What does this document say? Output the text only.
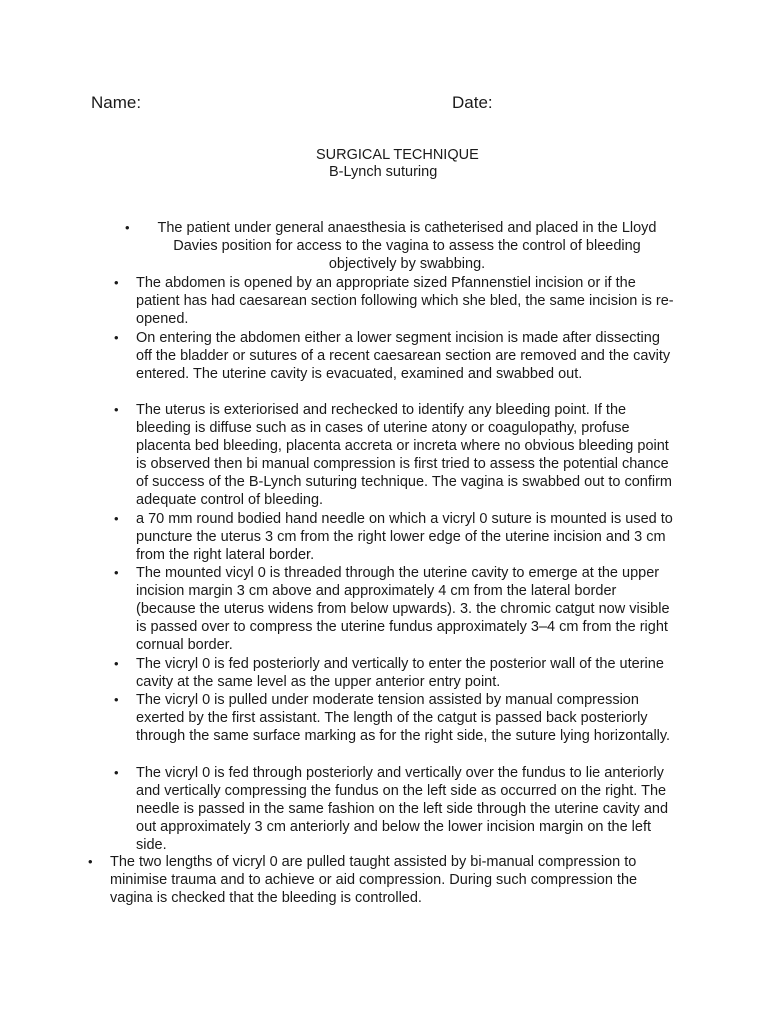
Name:	Date:
SURGICAL TECHNIQUE
B-Lynch suturing
•	The patient under general anaesthesia is catheterised and placed in the Lloyd Davies position for access to the vagina to assess the control of bleeding objectively by swabbing.

• The abdomen is opened by an appropriate sized Pfannenstiel incision or if the patient has had caesarean section following which she bled, the same incision is re-opened.

• On entering the abdomen either a lower segment incision is made after dissecting off the bladder or sutures of a recent caesarean section are removed and the cavity entered. The uterine cavity is evacuated, examined and swabbed out.

• The uterus is exteriorised and rechecked to identify any bleeding point. If the bleeding is diffuse such as in cases of uterine atony or coagulopathy, profuse placenta bed bleeding, placenta accreta or increta where no obvious bleeding point is observed then bi manual compression is first tried to assess the potential chance of success of the B-Lynch suturing technique. The vagina is swabbed out to confirm adequate control of bleeding.

• a 70 mm round bodied hand needle on which a vicryl 0 suture is mounted is used to puncture the uterus 3 cm from the right lower edge of the uterine incision and 3 cm from the right lateral border.

• The mounted vicyl 0 is threaded through the uterine cavity to emerge at the upper incision margin 3 cm above and approximately 4 cm from the lateral border (because the uterus widens from below upwards). 3. the chromic catgut now visible is passed over to compress the uterine fundus approximately 3–4 cm from the right cornual border.

• The vicryl 0 is fed posteriorly and vertically to enter the posterior wall of the uterine cavity at the same level as the upper anterior entry point.

• The vicryl 0 is pulled under moderate tension assisted by manual compression exerted by the first assistant. The length of the catgut is passed back posteriorly through the same surface marking as for the right side, the suture lying horizontally.

• The vicryl 0 is fed through posteriorly and vertically over the fundus to lie anteriorly and vertically compressing the fundus on the left side as occurred on the right. The needle is passed in the same fashion on the left side through the uterine cavity and out approximately 3 cm anteriorly and below the lower incision margin on the left side.

• The two lengths of vicryl 0 are pulled taught assisted by bi-manual compression to minimise trauma and to achieve or aid compression. During such compression the vagina is checked that the bleeding is controlled.
